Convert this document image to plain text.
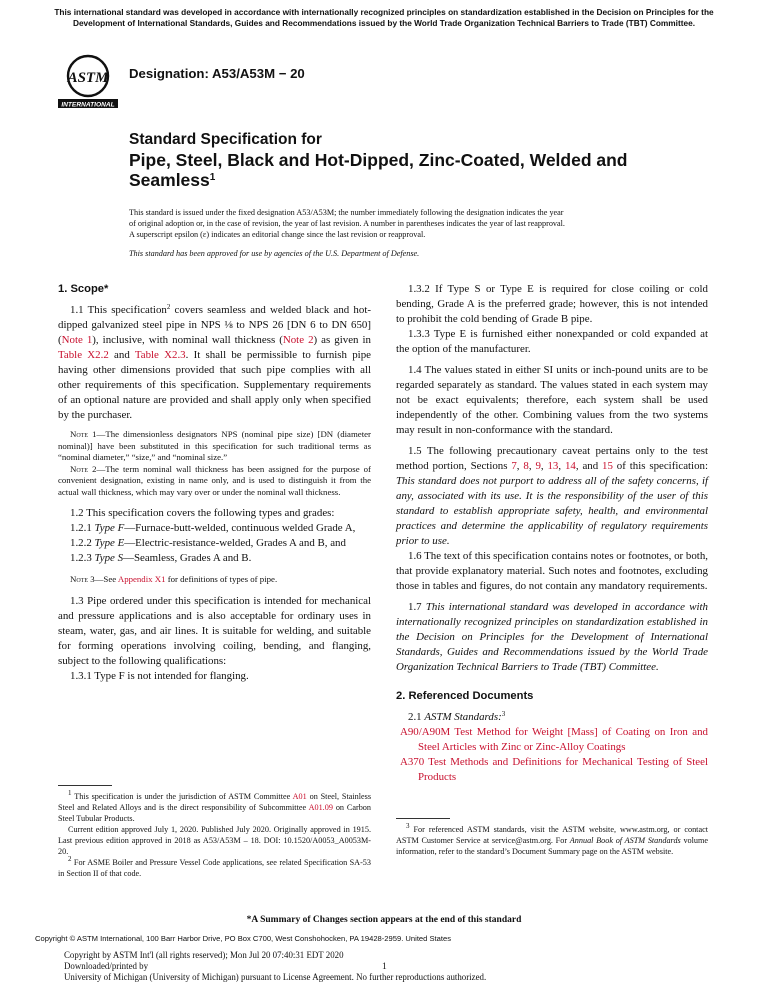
This international standard was developed in accordance with internationally recognized principles on standardization established in the Decision on Principles for the
Development of International Standards, Guides and Recommendations issued by the World Trade Organization Technical Barriers to Trade (TBT) Committee.
ASTM
INTERNATIONAL
Designation: A53/A53M − 20
Standard Specification for
Pipe, Steel, Black and Hot-Dipped, Zinc-Coated, Welded and
Seamless$^1$
This standard is issued under the fixed designation A53/A53M; the number immediately following the designation indicates the year
of original adoption or, in the case of revision, the year of last revision. A number in parentheses indicates the year of last reapproval.
A superscript epsilon (ε) indicates an editorial change since the last revision or reapproval.
This standard has been approved for use by agencies of the U.S. Department of Defense.
1. Scope*

1.1 This specification$^2$ covers seamless and welded black and hot-dipped galvanized steel pipe in NPS ⅛ to NPS 26 [DN 6 to DN 650] (Note 1), inclusive, with nominal wall thickness (Note 2) as given in Table X2.2 and Table X2.3. It shall be permissible to furnish pipe having other dimensions provided that such pipe complies with all other requirements of this specification. Supplementary requirements of an optional nature are provided and shall apply only when specified by the purchaser.

Note 1—The dimensionless designators NPS (nominal pipe size) [DN (diameter nominal)] have been substituted in this specification for such traditional terms as “nominal diameter,” “size,” and “nominal size.”

Note 2—The term nominal wall thickness has been assigned for the purpose of convenient designation, existing in name only, and is used to distinguish it from the actual wall thickness, which may vary over or under the nominal wall thickness.

1.2 This specification covers the following types and grades:

1.2.1 Type F—Furnace-butt-welded, continuous welded Grade A,

1.2.2 Type E—Electric-resistance-welded, Grades A and B, and

1.2.3 Type S—Seamless, Grades A and B.

Note 3—See Appendix X1 for definitions of types of pipe.

1.3 Pipe ordered under this specification is intended for mechanical and pressure applications and is also acceptable for ordinary uses in steam, water, gas, and air lines. It is suitable for welding, and suitable for forming operations involving coiling, bending, and flanging, subject to the following qualifications:

1.3.1 Type F is not intended for flanging.

$^1$ This specification is under the jurisdiction of ASTM Committee A01 on Steel, Stainless Steel and Related Alloys and is the direct responsibility of Subcommittee A01.09 on Carbon Steel Tubular Products.

Current edition approved July 1, 2020. Published July 2020. Originally approved in 1915. Last previous edition approved in 2018 as A53/A53M – 18. DOI: 10.1520/A0053_A0053M-20.

$^2$ For ASME Boiler and Pressure Vessel Code applications, see related Specification SA-53 in Section II of that code.

1.3.2 If Type S or Type E is required for close coiling or cold bending, Grade A is the preferred grade; however, this is not intended to prohibit the cold bending of Grade B pipe.

1.3.3 Type E is furnished either nonexpanded or cold expanded at the option of the manufacturer.

1.4 The values stated in either SI units or inch-pound units are to be regarded separately as standard. The values stated in each system may not be exact equivalents; therefore, each system shall be used independently of the other. Combining values from the two systems may result in non-conformance with the standard.

1.5 The following precautionary caveat pertains only to the test method portion, Sections 7, 8, 9, 13, 14, and 15 of this specification: This standard does not purport to address all of the safety concerns, if any, associated with its use. It is the responsibility of the user of this standard to establish appropriate safety, health, and environmental practices and determine the applicability of regulatory requirements prior to use.

1.6 The text of this specification contains notes or footnotes, or both, that provide explanatory material. Such notes and footnotes, excluding those in tables and figures, do not contain any mandatory requirements.

1.7 This international standard was developed in accordance with internationally recognized principles on standardization established in the Decision on Principles for the Development of International Standards, Guides and Recommendations issued by the World Trade Organization Technical Barriers to Trade (TBT) Committee.

2. Referenced Documents

2.1 ASTM Standards:$^3$

A90/A90M Test Method for Weight [Mass] of Coating on Iron and Steel Articles with Zinc or Zinc-Alloy Coatings

A370 Test Methods and Definitions for Mechanical Testing of Steel Products

$^3$ For referenced ASTM standards, visit the ASTM website, www.astm.org, or contact ASTM Customer Service at service@astm.org. For Annual Book of ASTM Standards volume information, refer to the standard’s Document Summary page on the ASTM website.

*A Summary of Changes section appears at the end of this standard
Copyright © ASTM International, 100 Barr Harbor Drive, PO Box C700, West Conshohocken, PA 19428-2959. United States
Copyright by ASTM Int'l (all rights reserved); Mon Jul 20 07:40:31 EDT 2020
Downloaded/printed by
University of Michigan (University of Michigan) pursuant to License Agreement. No further reproductions authorized.
1
